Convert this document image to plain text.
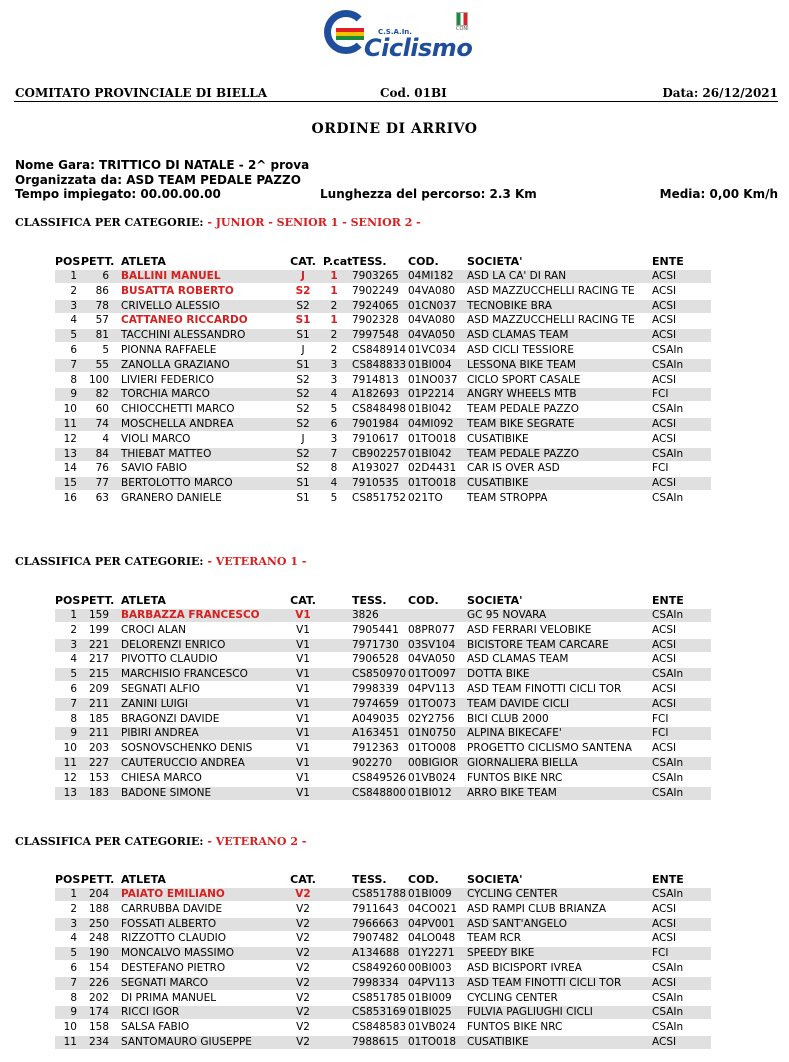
C.S.A.In.
Ciclismo
CONI
COMITATO PROVINCIALE DI BIELLA	Cod. 01BI	Data: 26/12/2021
ORDINE DI ARRIVO
Nome Gara: TRITTICO DI NATALE - 2^ prova
Organizzata da: ASD TEAM PEDALE PAZZO
Tempo impiegato: 00.00.00.00	Lunghezza del percorso: 2.3 Km	Media: 0,00 Km/h
CLASSIFICA PER CATEGORIE: - JUNIOR - SENIOR 1 - SENIOR 2 -
POS.
PETT. ATLETA	CAT. P.cat TESS. COD.	SOCIETA'	ENTE
1	6 BALLINI MANUEL	J	1	7903265 04MI182 ASD LA CA' DI RAN	ACSI
2	86 BUSATTA ROBERTO	S2	1	7902249 04VA080 ASD MAZZUCCHELLI RACING TE ACSI
3	78 CRIVELLO ALESSIO	S2	2	7924065 01CN037 TECNOBIKE BRA	ACSI
4	57 CATTANEO RICCARDO	S1	1	7902328 04VA080 ASD MAZZUCCHELLI RACING TE ACSI
5	81 TACCHINI ALESSANDRO	S1	2	7997548 04VA050 ASD CLAMAS TEAM	ACSI
6	5 PIONNA RAFFAELE	J	2	CS848914 01VC034 ASD CICLI TESSIORE	CSAIn
7	55 ZANOLLA GRAZIANO	S1	3	CS848833 01BI004 LESSONA BIKE TEAM	CSAIn
8	100 LIVIERI FEDERICO	S2	3	7914813 01NO037 CICLO SPORT CASALE	ACSI
9	82 TORCHIA MARCO	S2	4	A182693 01P2214 ANGRY WHEELS MTB	FCI
10	60 CHIOCCHETTI MARCO	S2	5	CS848498 01BI042 TEAM PEDALE PAZZO	CSAIn
11	74 MOSCHELLA ANDREA	S2	6	7901984 04MI092 TEAM BIKE SEGRATE	ACSI
12	4 VIOLI MARCO	J	3	7910617 01TO018 CUSATIBIKE	ACSI
13	84 THIEBAT MATTEO	S2	7	CB902257 01BI042 TEAM PEDALE PAZZO	CSAIn
14	76 SAVIO FABIO	S2	8	A193027 02D4431 CAR IS OVER ASD	FCI
15	77 BERTOLOTTO MARCO	S1	4	7910535 01TO018 CUSATIBIKE	ACSI
16	63 GRANERO DANIELE	S1	5	CS851752 021TO TEAM STROPPA	CSAIn
CLASSIFICA PER CATEGORIE: - VETERANO 1 -
POS.
PETT. ATLETA	CAT.	TESS. COD.	SOCIETA'	ENTE
1	159 BARBAZZA FRANCESCO	V1	3826	GC 95 NOVARA	CSAIn
2	199 CROCI ALAN	V1	7905441 08PR077 ASD FERRARI VELOBIKE	ACSI
3	221 DELORENZI ENRICO	V1	7971730 03SV104 BICISTORE TEAM CARCARE	ACSI
4	217 PIVOTTO CLAUDIO	V1	7906528 04VA050 ASD CLAMAS TEAM	ACSI
5	215 MARCHISIO FRANCESCO	V1	CS850970 01TO097 DOTTA BIKE	CSAIn
6	209 SEGNATI ALFIO	V1	7998339 04PV113 ASD TEAM FINOTTI CICLI TOR	ACSI
7	211 ZANINI LUIGI	V1	7974659 01TO073 TEAM DAVIDE CICLI	ACSI
8	185 BRAGONZI DAVIDE	V1	A049035 02Y2756 BICI CLUB 2000	FCI
9	211 PIBIRI ANDREA	V1	A163451 01N0750 ALPINA BIKECAFE'	FCI
10	203 SOSNOVSCHENKO DENIS	V1	7912363 01TO008 PROGETTO CICLISMO SANTENA ACSI
11	227 CAUTERUCCIO ANDREA	V1	902270 00BIGIOR GIORNALIERA BIELLA	CSAIn
12	153 CHIESA MARCO	V1	CS849526 01VB024 FUNTOS BIKE NRC	CSAIn
13	183 BADONE SIMONE	V1	CS848800 01BI012 ARRO BIKE TEAM	CSAIn
CLASSIFICA PER CATEGORIE: - VETERANO 2 -
POS.
PETT. ATLETA	CAT.	TESS. COD.	SOCIETA'	ENTE
1	204 PAIATO EMILIANO	V2	CS851788 01BI009 CYCLING CENTER	CSAIn
2	188 CARRUBBA DAVIDE	V2	7911643 04CO021 ASD RAMPI CLUB BRIANZA	ACSI
3	250 FOSSATI ALBERTO	V2	7966663 04PV001 ASD SANT'ANGELO	ACSI
4	248 RIZZOTTO CLAUDIO	V2	7907482 04LO048 TEAM RCR	ACSI
5	190 MONCALVO MASSIMO	V2	A134688 01Y2271 SPEEDY BIKE	FCI
6	154 DESTEFANO PIETRO	V2	CS849260 00BI003 ASD BICISPORT IVREA	CSAIn
7	226 SEGNATI MARCO	V2	7998334 04PV113 ASD TEAM FINOTTI CICLI TOR	ACSI
8	202 DI PRIMA MANUEL	V2	CS851785 01BI009 CYCLING CENTER	CSAIn
9	174 RICCI IGOR	V2	CS853169 01BI025 FULVIA PAGLIUGHI CICLI	CSAIn
10	158 SALSA FABIO	V2	CS848583 01VB024 FUNTOS BIKE NRC	CSAIn
11	234 SANTOMAURO GIUSEPPE	V2	7988615 01TO018 CUSATIBIKE	ACSI
